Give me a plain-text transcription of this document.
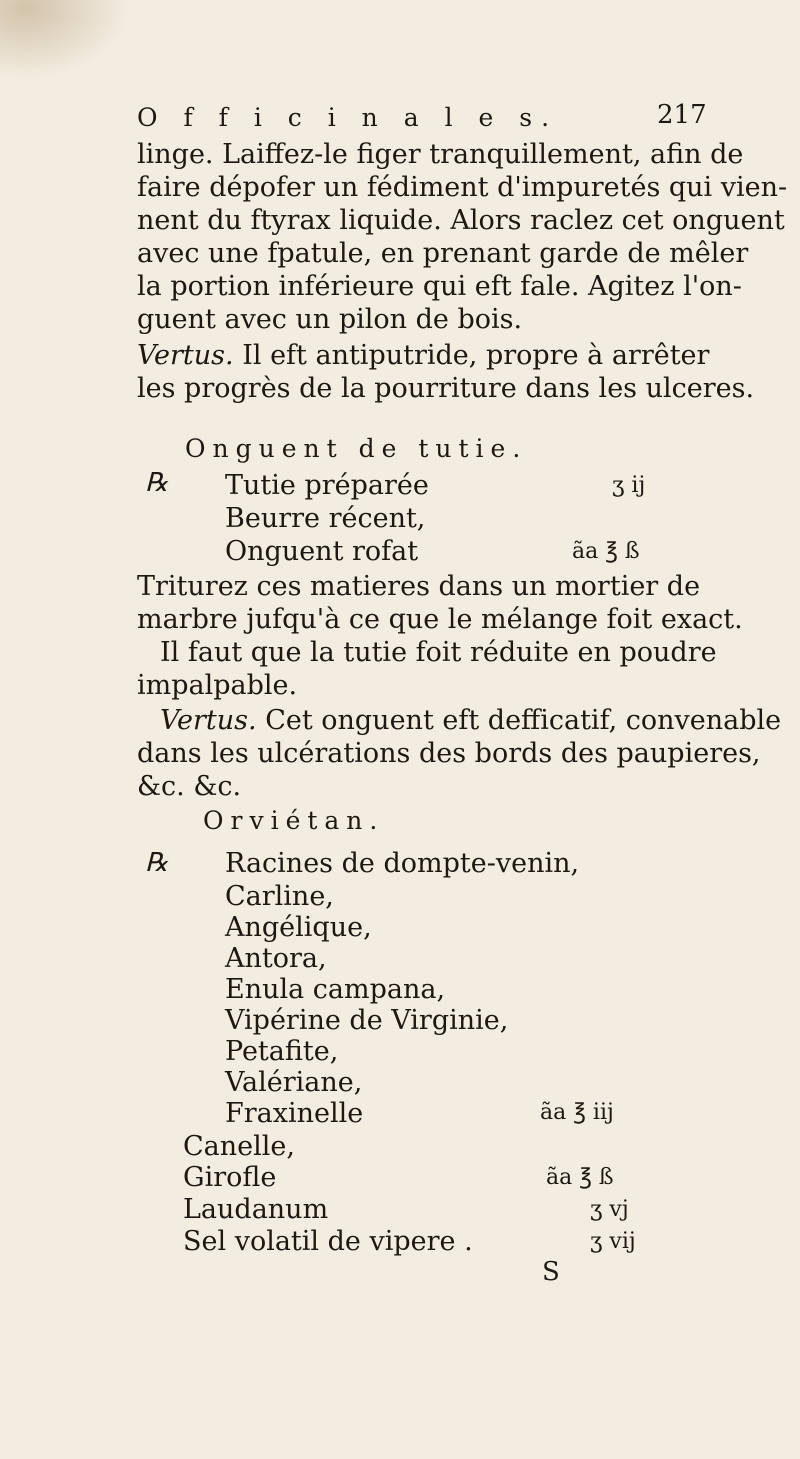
O f f i c i n a l e s.	217
linge. Laiffez-le figer tranquillement, afin de
faire dépofer un fédiment d'impuretés qui vien-
nent du ftyrax liquide. Alors raclez cet onguent
avec une fpatule, en prenant garde de mêler
la portion inférieure qui eft fale. Agitez l'on-
guent avec un pilon de bois.
Vertus. Il eft antiputride, propre à arrêter
les progrès de la pourriture dans les ulceres.
Onguent de tutie.
℞ Tutie préparée
Beurre récent,
Onguent rofat
ʒ ij
ãa ℥ ß
Triturez ces matieres dans un mortier de
marbre jufqu'à ce que le mélange foit exact.
Il faut que la tutie foit réduite en poudre
impalpable.
Vertus. Cet onguent eft defficatif, convenable
dans les ulcérations des bords des paupieres,
&c. &c.
Orviétan.
℞ Racines de dompte-venin,
Carline,
Angélique,
Antora,
Enula campana,
Vipérine de Virginie,
Petafite,
Valériane,
Fraxinelle
Canelle,
Girofle
Laudanum
Sel volatil de vipere .
ãa ℥ iij
ãa ℥ ß
ʒ vj
ʒ vij
S
